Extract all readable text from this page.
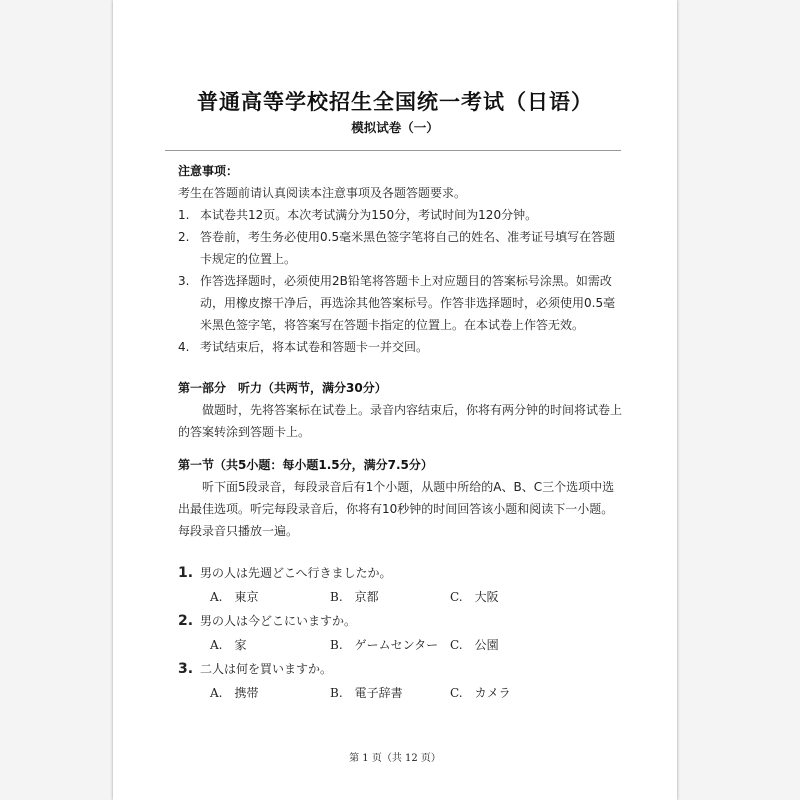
普通高等学校招生全国统一考试（日语）
模拟试卷（一）

注意事项：

考生在答题前请认真阅读本注意事项及各题答题要求。

1. 本试卷共12页。本次考试满分为150分，考试时间为120分钟。
2. 答卷前，考生务必使用0.5毫米黑色签字笔将自己的姓名、准考证号填写在答题卡规定的位置上。
3. 作答选择题时，必须使用2B铅笔将答题卡上对应题目的答案标号涂黑。如需改动，用橡皮擦干净后，再选涂其他答案标号。作答非选择题时，必须使用0.5毫米黑色签字笔，将答案写在答题卡指定的位置上。在本试卷上作答无效。
4. 考试结束后，将本试卷和答题卡一并交回。

第一部分　听力（共两节，满分30分）

做题时，先将答案标在试卷上。录音内容结束后，你将有两分钟的时间将试卷上的答案转涂到答题卡上。

第一节（共5小题：每小题1.5分，满分7.5分）

听下面5段录音，每段录音后有1个小题，从题中所给的A、B、C三个选项中选出最佳选项。听完每段录音后，你将有10秒钟的时间回答该小题和阅读下一小题。每段录音只播放一遍。

1. 男の人は先週どこへ行きましたか。
A.　東京	B.　京都	C.　大阪
2. 男の人は今どこにいますか。
A.　家	B.　ゲームセンター C.　公園
3. 二人は何を買いますか。
A.　携帯	B.　電子辞書	C.　カメラ
第 1 页（共 12 页）
